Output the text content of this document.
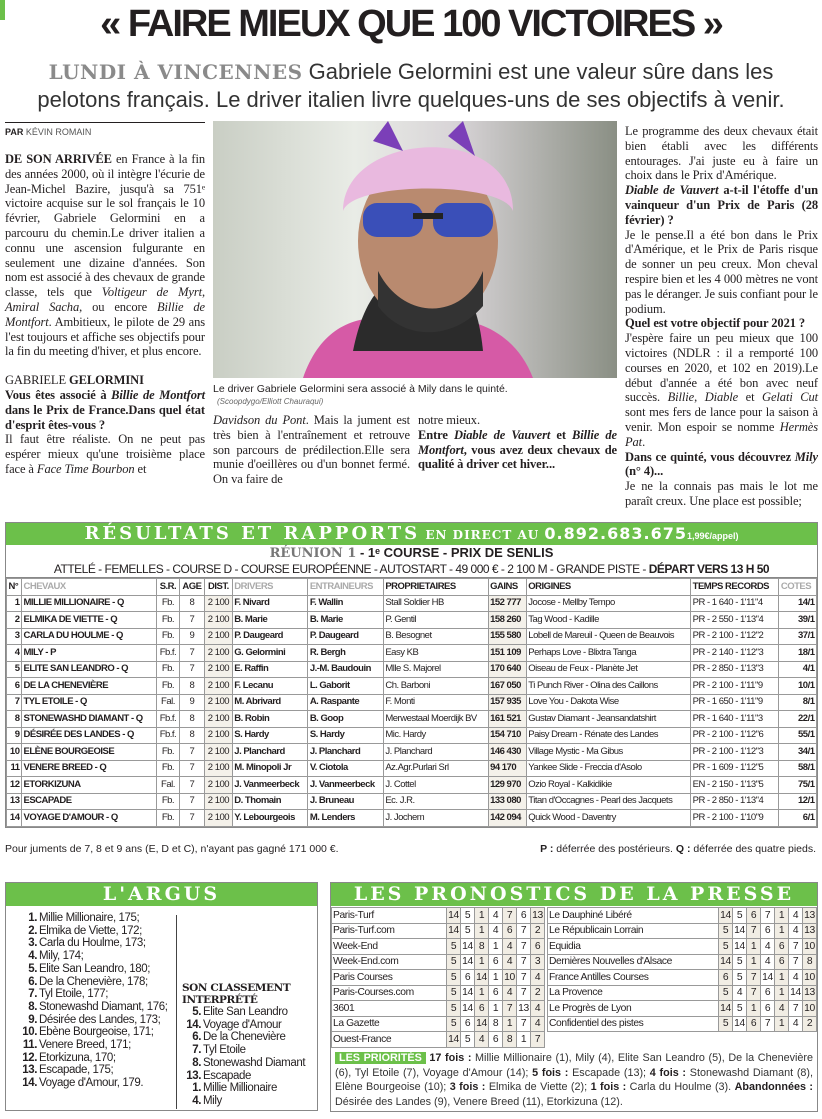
« FAIRE MIEUX QUE 100 VICTOIRES »
LUNDI À VINCENNES Gabriele Gelormini est une valeur sûre dans les pelotons français. Le driver italien livre quelques-uns de ses objectifs à venir.
PAR KÉVIN ROMAIN

DE SON ARRIVÉE en France à la fin des années 2000, où il intègre l'écurie de Jean-Michel Bazire, jusqu'à sa 751ᵉ victoire acquise sur le sol français le 10 février, Gabriele Gelormini en a parcouru du chemin.Le driver italien a connu une ascension fulgurante en seulement une dizaine d'années. Son nom est associé à des chevaux de grande classe, tels que Voltigeur de Myrt, Amiral Sacha, ou encore Billie de Montfort. Ambitieux, le pilote de 29 ans l'est toujours et affiche ses objectifs pour la fin du meeting d'hiver, et plus encore.

GABRIELE GELORMINI

Vous êtes associé à Billie de Montfort dans le Prix de France.Dans quel état d'esprit êtes-vous ?

Il faut être réaliste. On ne peut pas espérer mieux qu'une troisième place face à Face Time Bourbon et

Le driver Gabriele Gelormini sera associé à Mily dans le quinté.
(Scoopdygo/Elliott Chauraqui)

Davidson du Pont. Mais la jument est très bien à l'entraînement et retrouve son parcours de prédilection.Elle sera munie d'oeillères ou d'un bonnet fermé. On va faire de

notre mieux.

Entre Diable de Vauvert et Billie de Montfort, vous avez deux chevaux de qualité à driver cet hiver...

Le programme des deux chevaux était bien établi avec les différents entourages. J'ai juste eu à faire un choix dans le Prix d'Amérique.

Diable de Vauvert a-t-il l'étoffe d'un vainqueur d'un Prix de Paris (28 février) ?

Je le pense.Il a été bon dans le Prix d'Amérique, et le Prix de Paris risque de sonner un peu creux. Mon cheval respire bien et les 4 000 mètres ne vont pas le déranger. Je suis confiant pour le podium.

Quel est votre objectif pour 2021 ?

J'espère faire un peu mieux que 100 victoires (NDLR : il a remporté 100 courses en 2020, et 102 en 2019).Le début d'année a été bon avec neuf succès. Billie, Diable et Gelati Cut sont mes fers de lance pour la saison à venir. Mon espoir se nomme Hermès Pat.

Dans ce quinté, vous découvrez Mily (n° 4)...

Je ne la connais pas mais le lot me paraît creux. Une place est possible;

RÉSULTATS ET RAPPORTS EN DIRECT AU 0.892.683.6751,99€/appel)
RÉUNION 1 - 1ᵉ COURSE - PRIX DE SENLIS
ATTELÉ - FEMELLES - COURSE D - COURSE EUROPÉENNE - AUTOSTART - 49 000 € - 2 100 M - GRANDE PISTE - DÉPART VERS 13 H 50
N°	CHEVAUX	S.R.	AGE	DIST.	DRIVERS	ENTRAINEURS	PROPRIETAIRES	GAINS	ORIGINES	TEMPS RECORDS	COTES
1	MILLIE MILLIONAIRE - Q	Fb.	8	2 100	F. Nivard	F. Wallin	Stall Soldier HB	152 777	Jocose - Mellby Tempo	PR - 1 640 - 1'11"4	14/1
2	ELMIKA DE VIETTE - Q	Fb.	7	2 100	B. Marie	B. Marie	P. Gentil	158 260	Tag Wood - Kadille	PR - 2 550 - 1'13"4	39/1
3	CARLA DU HOULME - Q	Fb.	9	2 100	P. Daugeard	P. Daugeard	B. Besognet	155 580	Lobell de Mareuil - Queen de Beauvois	PR - 2 100 - 1'12"2	37/1
4	MILY - P	Fb.f.	7	2 100	G. Gelormini	R. Bergh	Easy KB	151 109	Perhaps Love - Blixtra Tanga	PR - 2 140 - 1'12"3	18/1
5	ELITE SAN LEANDRO - Q	Fb.	7	2 100	E. Raffin	J.-M. Baudouin	Mlle S. Majorel	170 640	Oiseau de Feux - Planète Jet	PR - 2 850 - 1'13"3	4/1
6	DE LA CHENEVIÈRE	Fb.	8	2 100	F. Lecanu	L. Gaborit	Ch. Barboni	167 050	Ti Punch River - Olina des Caillons	PR - 2 100 - 1'11"9	10/1
7	TYL ETOILE - Q	Fal.	9	2 100	M. Abrivard	A. Raspante	F. Monti	157 935	Love You - Dakota Wise	PR - 1 650 - 1'11"9	8/1
8	STONEWASHD DIAMANT - Q	Fb.f.	8	2 100	B. Robin	B. Goop	Merwestaal Moerdijk BV	161 521	Gustav Diamant - Jeansandatshirt	PR - 1 640 - 1'11"3	22/1
9	DÉSIRÉE DES LANDES - Q	Fb.f.	8	2 100	S. Hardy	S. Hardy	Mic. Hardy	154 710	Paisy Dream - Rénate des Landes	PR - 2 100 - 1'12"6	55/1
10	ELÈNE BOURGEOISE	Fb.	7	2 100	J. Planchard	J. Planchard	J. Planchard	146 430	Village Mystic - Ma Gibus	PR - 2 100 - 1'12"3	34/1
11	VENERE BREED - Q	Fb.	7	2 100	M. Minopoli Jr	V. Ciotola	Az.Agr.Purlari Srl	94 170	Yankee Slide - Freccia d'Asolo	PR - 1 609 - 1'12"5	58/1
12	ETORKIZUNA	Fal.	7	2 100	J. Vanmeerbeck	J. Vanmeerbeck	J. Cottel	129 970	Ozio Royal - Kalkidikie	EN - 2 150 - 1'13"5	75/1
13	ESCAPADE	Fb.	7	2 100	D. Thomain	J. Bruneau	Ec. J.R.	133 080	Titan d'Occagnes - Pearl des Jacquets	PR - 2 850 - 1'13"4	12/1
14	VOYAGE D'AMOUR - Q	Fb.	7	2 100	Y. Lebourgeois	M. Lenders	J. Jochem	142 094	Quick Wood - Daventry	PR - 2 100 - 1'10"9	6/1
Pour juments de 7, 8 et 9 ans (E, D et C), n'ayant pas gagné 171 000 €.	P : déferrée des postérieurs. Q : déferrée des quatre pieds.
L'ARGUS
1. Millie Millionaire, 175;
2. Elmika de Viette, 172;
3. Carla du Houlme, 173;
4. Mily, 174;
5. Elite San Leandro, 180;
6. De la Chenevière, 178;
7. Tyl Etoile, 177;
8. Stonewashd Diamant, 176;
9. Désirée des Landes, 173;
10. Ebène Bourgeoise, 171;
11. Venere Breed, 171;
12. Etorkizuna, 170;
13. Escapade, 175;
14. Voyage d'Amour, 179.
SON CLASSEMENT INTERPRÉTÉ
5. Elite San Leandro
14. Voyage d'Amour
6. De la Chenevière
7. Tyl Etoile
8. Stonewashd Diamant
13. Escapade
1. Millie Millionaire
4. Mily
LES PRONOSTICS DE LA PRESSE
Paris-Turf	14	5	1	4	7	6	13
Paris-Turf.com	14	5	1	4	6	7	2
Week-End	5	14	8	1	4	7	6
Week-End.com	5	14	1	6	4	7	3
Paris Courses	5	6	14	1	10	7	4
Paris-Courses.com	5	14	1	6	4	7	2
3601	5	14	6	1	7	13	4
La Gazette	5	6	14	8	1	7	4
Ouest-France	14	5	4	6	8	1	7
Le Dauphiné Libéré	14	5	6	7	1	4	13
Le Républicain Lorrain	5	14	7	6	1	4	13
Equidia	5	14	1	4	6	7	10
Dernières Nouvelles d'Alsace	14	5	1	4	6	7	8
France Antilles Courses	6	5	7	14	1	4	10
La Provence	5	4	7	6	1	14	13
Le Progrès de Lyon	14	5	1	6	4	7	10
Confidentiel des pistes	5	14	6	7	1	4	2
LES PRIORITÉS 17 fois : Millie Millionaire (1), Mily (4), Elite San Leandro (5), De la Chenevière (6), Tyl Etoile (7), Voyage d'Amour (14); 5 fois : Escapade (13); 4 fois : Stonewashd Diamant (8), Elène Bourgeoise (10); 3 fois : Elmika de Viette (2); 1 fois : Carla du Houlme (3). Abandonnées : Désirée des Landes (9), Venere Breed (11), Etorkizuna (12).
